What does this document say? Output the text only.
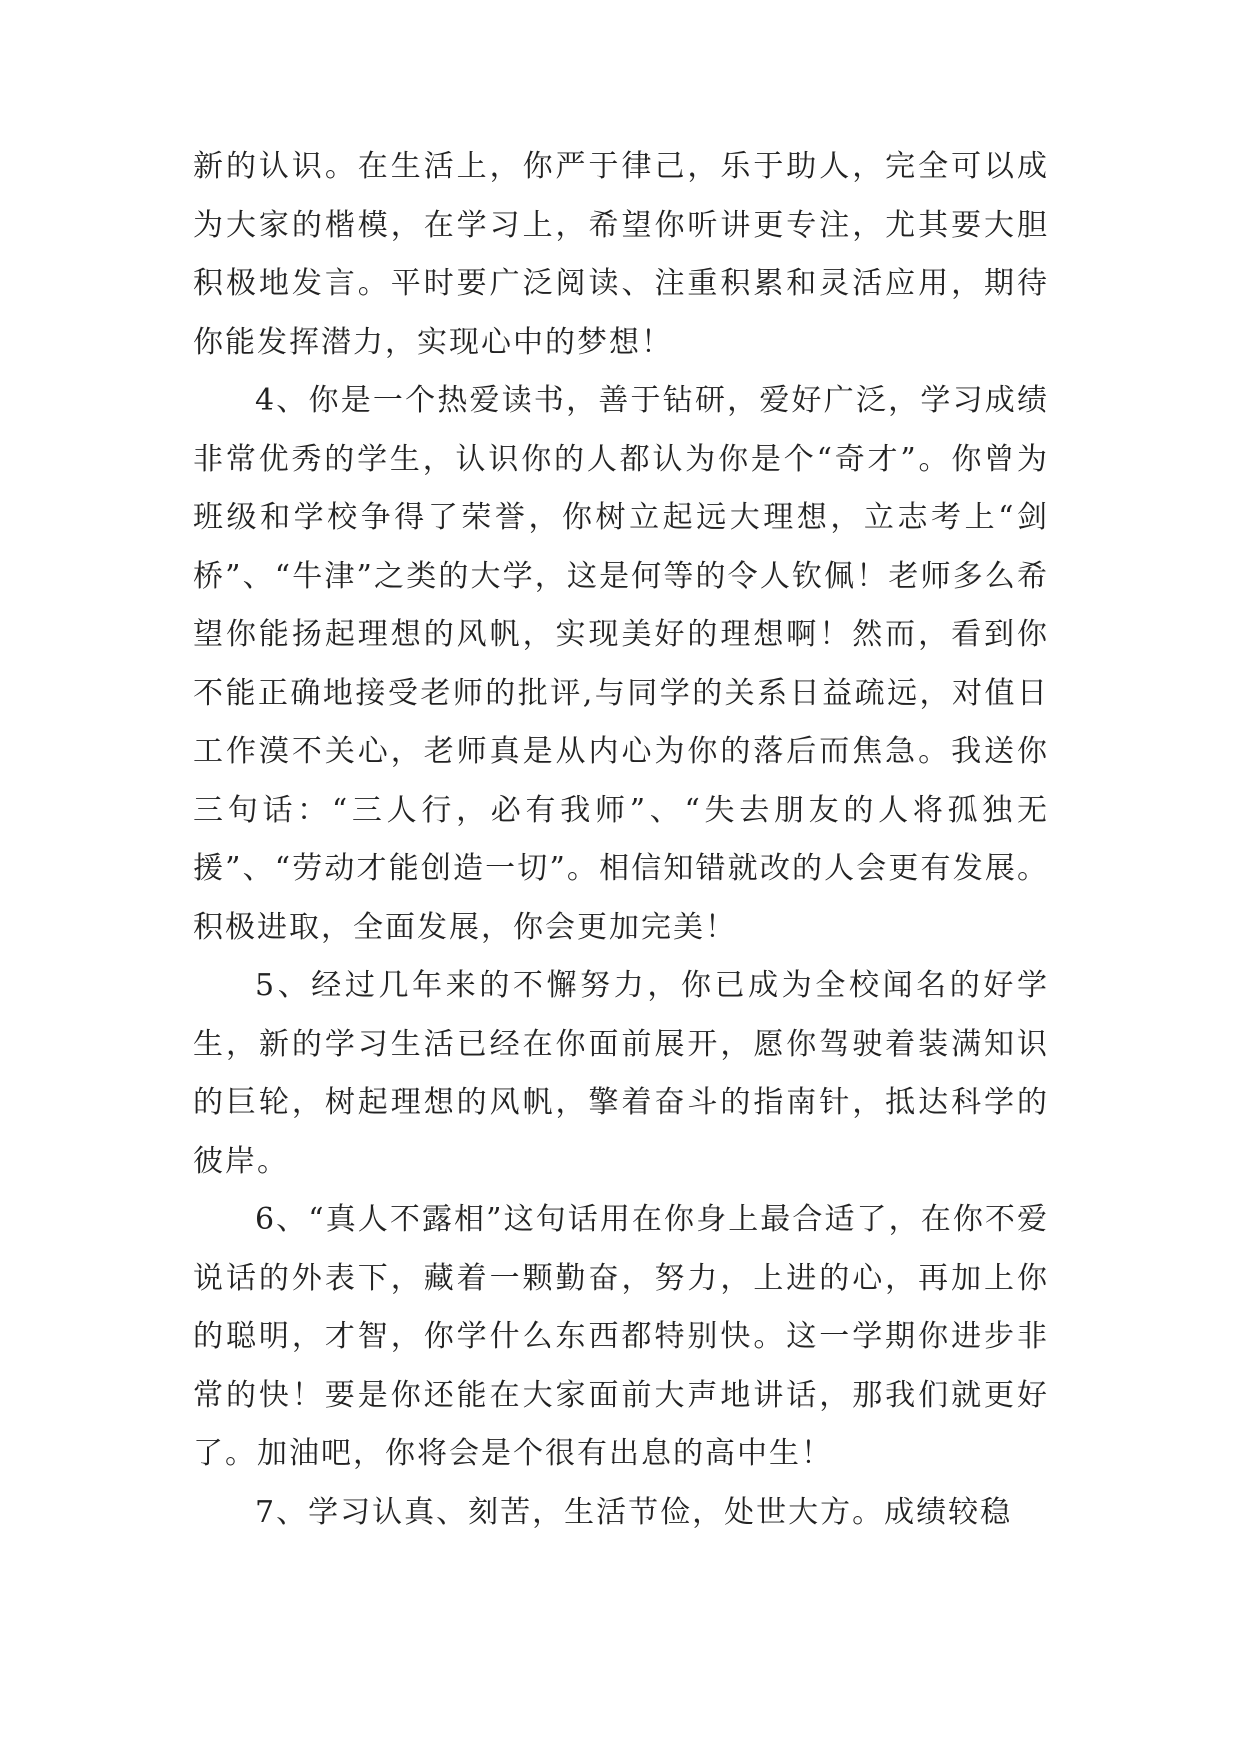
新的认识。在生活上，你严于律己，乐于助人，完全可以成为大家的楷模，在学习上，希望你听讲更专注，尤其要大胆积极地发言。平时要广泛阅读、注重积累和灵活应用，期待你能发挥潜力，实现心中的梦想！

4、你是一个热爱读书，善于钻研，爱好广泛，学习成绩非常优秀的学生，认识你的人都认为你是个“奇才”。你曾为班级和学校争得了荣誉，你树立起远大理想，立志考上“剑桥”、“牛津”之类的大学，这是何等的令人钦佩！老师多么希望你能扬起理想的风帆，实现美好的理想啊！然而，看到你不能正确地接受老师的批评,与同学的关系日益疏远，对值日工作漠不关心，老师真是从内心为你的落后而焦急。我送你三句话：“三人行，必有我师”、“失去朋友的人将孤独无援”、“劳动才能创造一切”。相信知错就改的人会更有发展。积极进取，全面发展，你会更加完美！

5、经过几年来的不懈努力，你已成为全校闻名的好学生，新的学习生活已经在你面前展开，愿你驾驶着装满知识的巨轮，树起理想的风帆，擎着奋斗的指南针，抵达科学的彼岸。

6、“真人不露相”这句话用在你身上最合适了，在你不爱说话的外表下，藏着一颗勤奋，努力，上进的心，再加上你的聪明，才智，你学什么东西都特别快。这一学期你进步非常的快！要是你还能在大家面前大声地讲话，那我们就更好了。加油吧，你将会是个很有出息的高中生！

7、学习认真、刻苦，生活节俭，处世大方。成绩较稳
